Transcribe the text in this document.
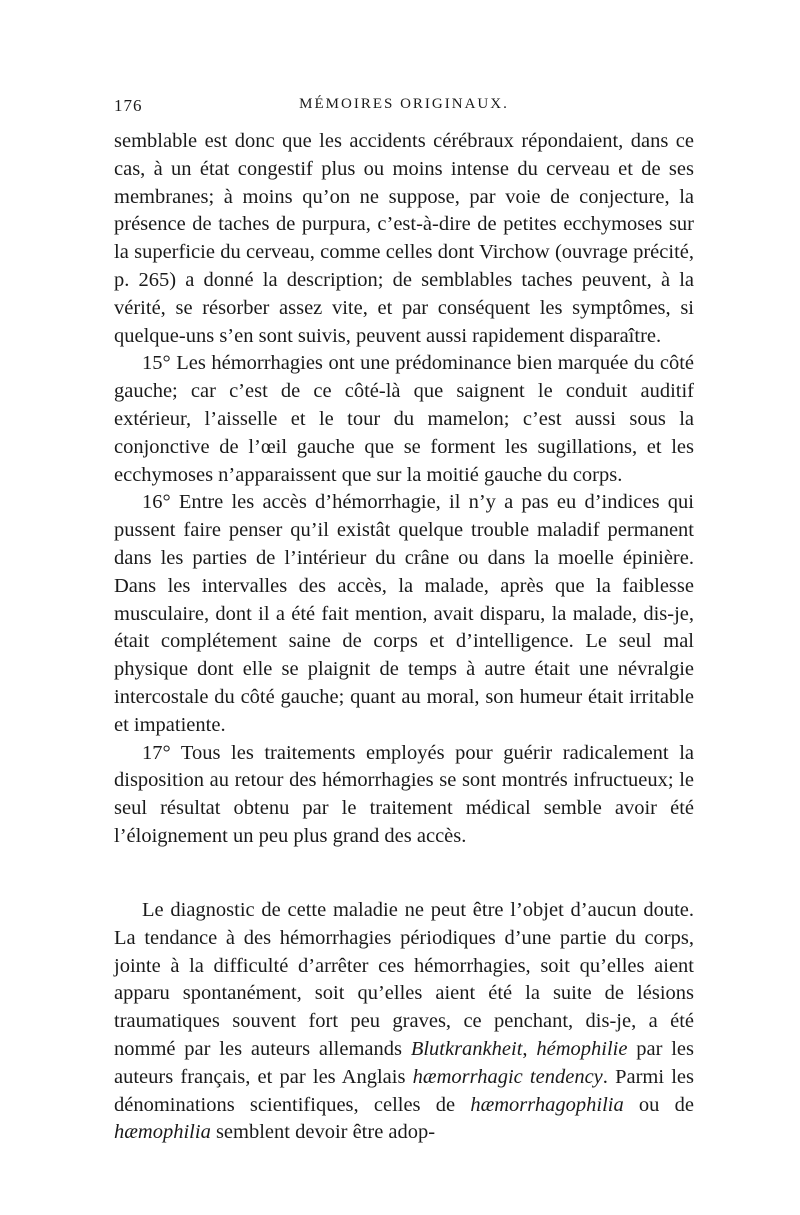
176	MÉMOIRES ORIGINAUX.

semblable est donc que les accidents cérébraux répondaient, dans ce cas, à un état congestif plus ou moins intense du cerveau et de ses membranes; à moins qu’on ne suppose, par voie de conjecture, la présence de taches de purpura, c’est-à-dire de petites ecchymoses sur la superficie du cerveau, comme celles dont Virchow (ouvrage précité, p. 265) a donné la description; de semblables taches peuvent, à la vérité, se résorber assez vite, et par conséquent les symptômes, si quelque-uns s’en sont suivis, peuvent aussi rapidement disparaître.

15° Les hémorrhagies ont une prédominance bien marquée du côté gauche; car c’est de ce côté-là que saignent le conduit auditif extérieur, l’aisselle et le tour du mamelon; c’est aussi sous la conjonctive de l’œil gauche que se forment les sugillations, et les ecchymoses n’apparaissent que sur la moitié gauche du corps.

16° Entre les accès d’hémorrhagie, il n’y a pas eu d’indices qui pussent faire penser qu’il existât quelque trouble maladif permanent dans les parties de l’intérieur du crâne ou dans la moelle épinière. Dans les intervalles des accès, la malade, après que la faiblesse musculaire, dont il a été fait mention, avait disparu, la malade, dis-je, était complétement saine de corps et d’intelligence. Le seul mal physique dont elle se plaignit de temps à autre était une névralgie intercostale du côté gauche; quant au moral, son humeur était irritable et impatiente.

17° Tous les traitements employés pour guérir radicalement la disposition au retour des hémorrhagies se sont montrés infructueux; le seul résultat obtenu par le traitement médical semble avoir été l’éloignement un peu plus grand des accès.

Le diagnostic de cette maladie ne peut être l’objet d’aucun doute. La tendance à des hémorrhagies périodiques d’une partie du corps, jointe à la difficulté d’arrêter ces hémorrhagies, soit qu’elles aient apparu spontanément, soit qu’elles aient été la suite de lésions traumatiques souvent fort peu graves, ce penchant, dis-je, a été nommé par les auteurs allemands Blutkrankheit, hémophilie par les auteurs français, et par les Anglais hæmorrhagic tendency. Parmi les dénominations scientifiques, celles de hæmorrhagophilia ou de hæmophilia semblent devoir être adop-
